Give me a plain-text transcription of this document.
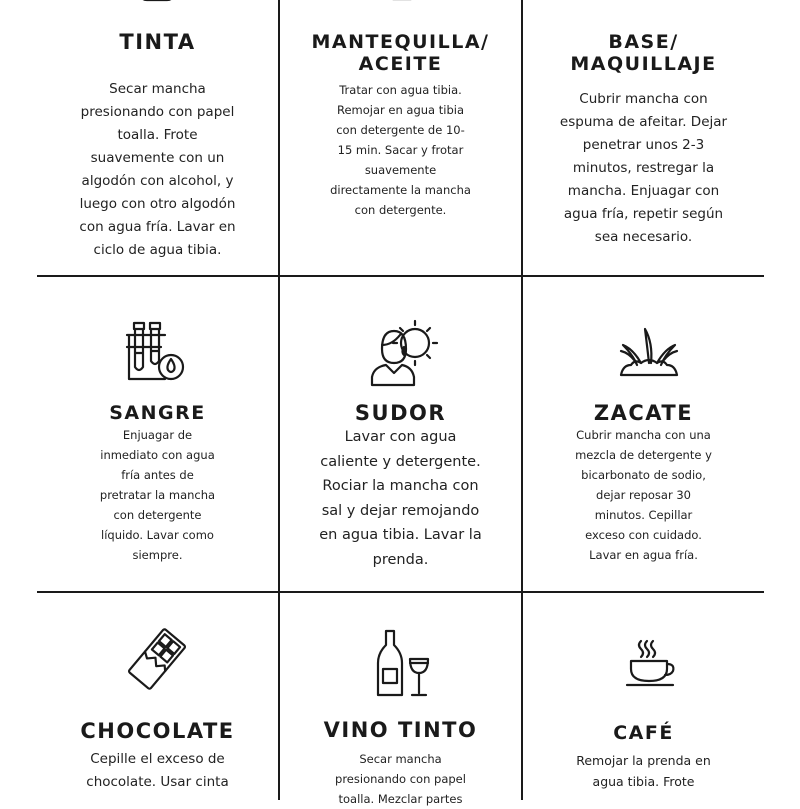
TINTA
Secar mancha presionando con papel toalla. Frote suavemente con un algodón con alcohol, y luego con otro algodón con agua fría. Lavar en ciclo de agua tibia.
MANTEQUILLA/
ACEITE
Tratar con agua tibia. Remojar en agua tibia con detergente de 10-15 min. Sacar y frotar suavemente directamente la mancha con detergente.
BASE/
MAQUILLAJE
Cubrir mancha con espuma de afeitar. Dejar penetrar unos 2-3 minutos, restregar la mancha. Enjuagar con agua fría, repetir según sea necesario.
SANGRE
Enjuagar de inmediato con agua fría antes de pretratar la mancha con detergente líquido. Lavar como siempre.
SUDOR
Lavar con agua caliente y detergente. Rociar la mancha con sal y dejar remojando en agua tibia. Lavar la prenda.
ZACATE
Cubrir mancha con una mezcla de detergente y bicarbonato de sodio, dejar reposar 30 minutos. Cepillar exceso con cuidado. Lavar en agua fría.
CHOCOLATE
Cepille el exceso de chocolate. Usar cinta
VINO TINTO
Secar mancha presionando con papel toalla. Mezclar partes
CAFÉ
Remojar la prenda en agua tibia. Frote
